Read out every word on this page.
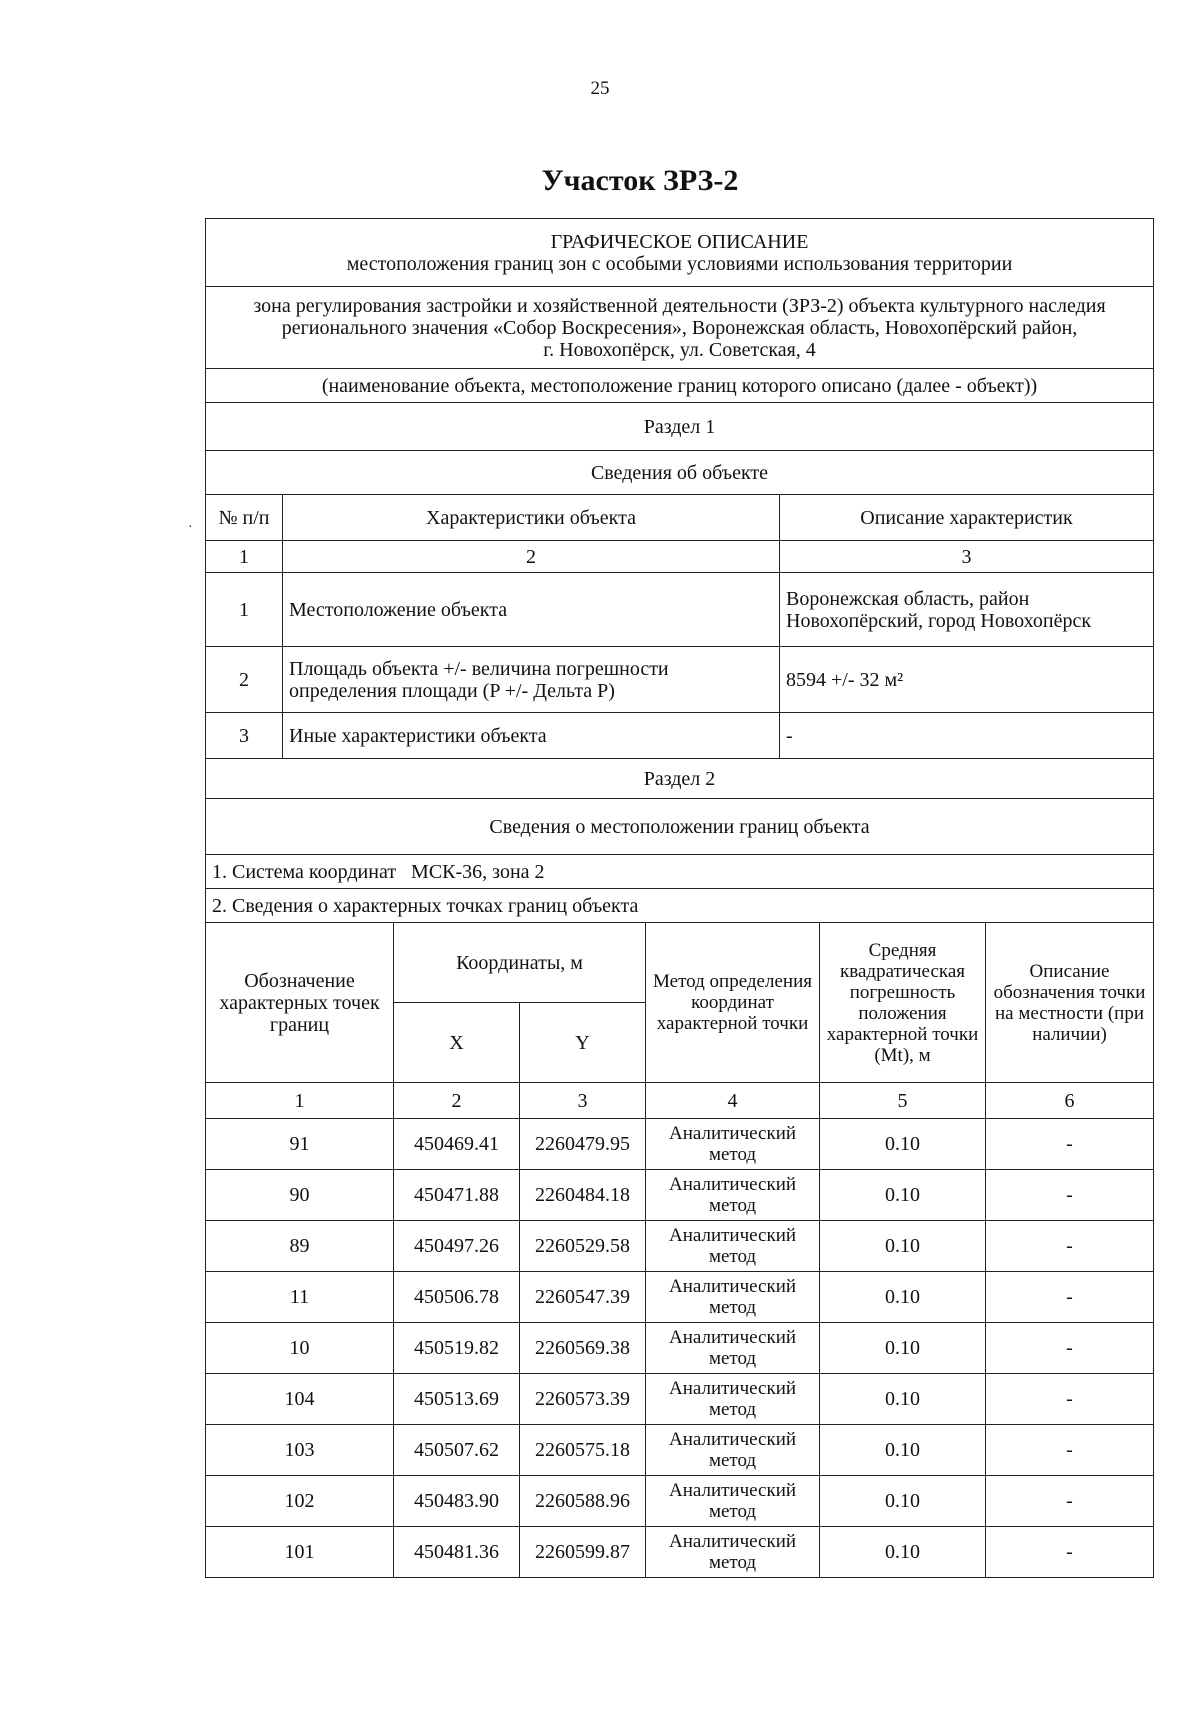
25
Участок ЗРЗ-2
·
ГРАФИЧЕСКОЕ ОПИСАНИЕ
местоположения границ зон с особыми условиями использования территории		

зона регулирования застройки и хозяйственной деятельности (ЗРЗ-2) объекта культурного наследия
регионального значения «Собор Воскресения», Воронежская область, Новохопёрский район,
г. Новохопёрск, ул. Советская, 4		

(наименование объекта, местоположение границ которого описано (далее - объект))		
Раздел 1		
Сведения об объекте		
№ п/п	Характеристики объекта	Описание характеристик
1	2	3
1	Местоположение объекта	Воронежская область, район Новохопёрский, город Новохопёрск
2	Площадь объекта +/- величина погрешности определения площади (P +/- Дельта P)	8594 +/- 32 м²
3	Иные характеристики объекта	-
Раздел 2		
Сведения о местоположении границ объекта		
1. Система координат   МСК-36, зона 2		
2. Сведения о характерных точках границ объекта		
Обозначение характерных точек границ	Координаты, м		Метод определения координат характерной точки	Средняя квадратическая погрешность положения характерной точки (Mt), м	Описание обозначения точки на местности (при наличии)
	X	Y			
1	2	3	4	5	6
91	450469.41	2260479.95	Аналитический метод	0.10	-
90	450471.88	2260484.18	Аналитический метод	0.10	-
89	450497.26	2260529.58	Аналитический метод	0.10	-
11	450506.78	2260547.39	Аналитический метод	0.10	-
10	450519.82	2260569.38	Аналитический метод	0.10	-
104	450513.69	2260573.39	Аналитический метод	0.10	-
103	450507.62	2260575.18	Аналитический метод	0.10	-
102	450483.90	2260588.96	Аналитический метод	0.10	-
101	450481.36	2260599.87	Аналитический метод	0.10	-
